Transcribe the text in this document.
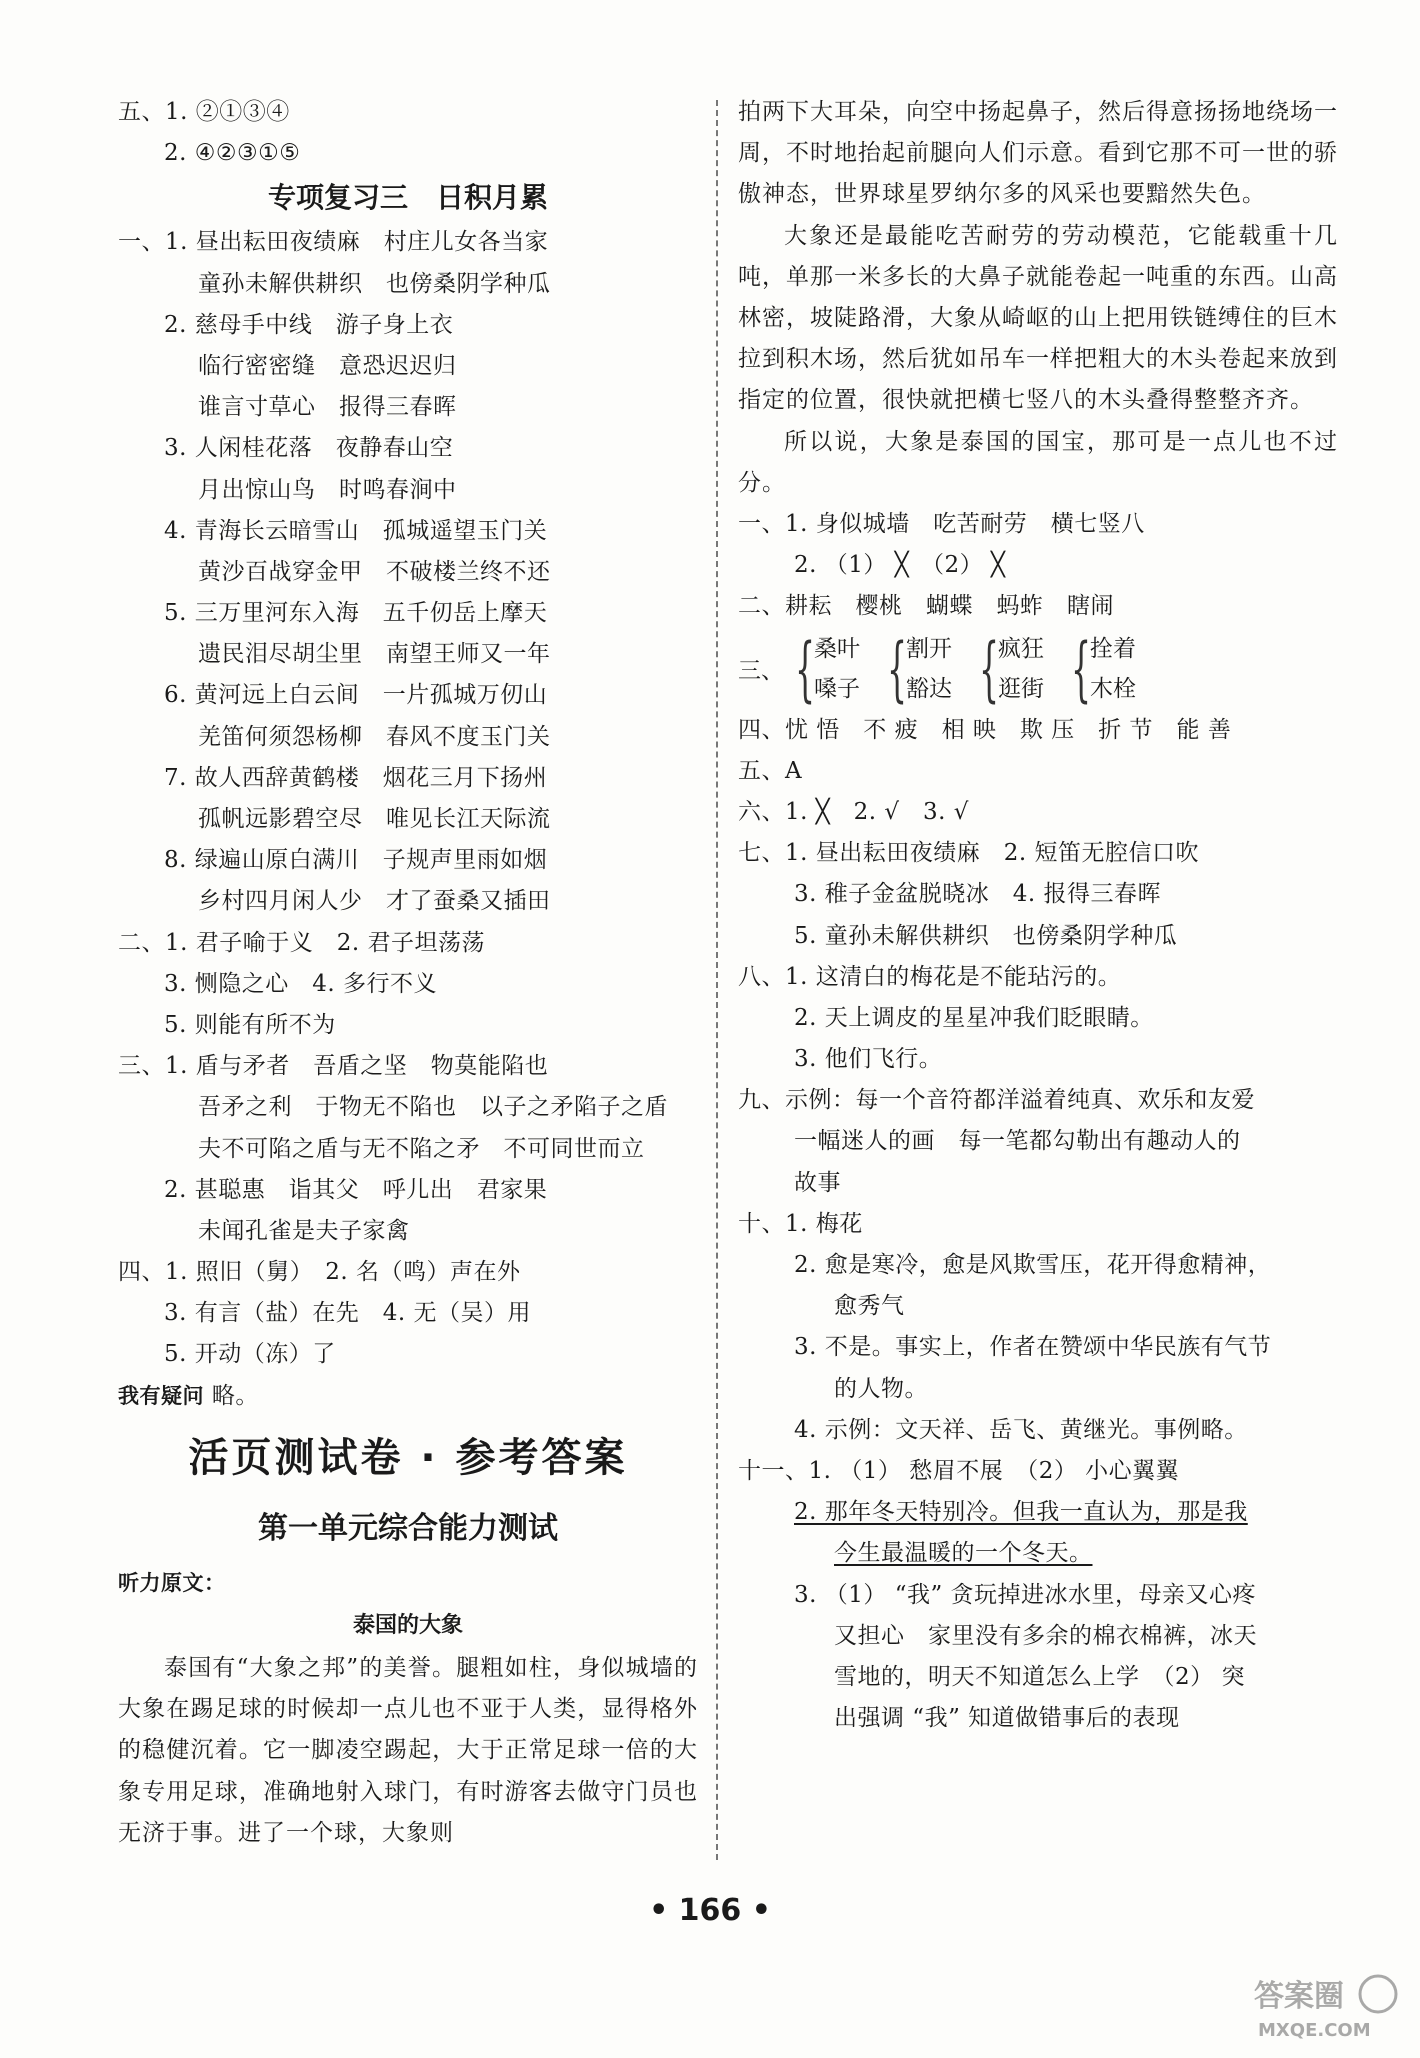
五、1. ②①③④
2. ④②③①⑤
专项复习三　日积月累
一、1. 昼出耘田夜绩麻　村庄儿女各当家
童孙未解供耕织　也傍桑阴学种瓜
2. 慈母手中线　游子身上衣
临行密密缝　意恐迟迟归
谁言寸草心　报得三春晖
3. 人闲桂花落　夜静春山空
月出惊山鸟　时鸣春涧中
4. 青海长云暗雪山　孤城遥望玉门关
黄沙百战穿金甲　不破楼兰终不还
5. 三万里河东入海　五千仞岳上摩天
遗民泪尽胡尘里　南望王师又一年
6. 黄河远上白云间　一片孤城万仞山
羌笛何须怨杨柳　春风不度玉门关
7. 故人西辞黄鹤楼　烟花三月下扬州
孤帆远影碧空尽　唯见长江天际流
8. 绿遍山原白满川　子规声里雨如烟
乡村四月闲人少　才了蚕桑又插田
二、1. 君子喻于义　2. 君子坦荡荡
3. 恻隐之心　4. 多行不义
5. 则能有所不为
三、1. 盾与矛者　吾盾之坚　物莫能陷也
吾矛之利　于物无不陷也　以子之矛陷子之盾
夫不可陷之盾与无不陷之矛　不可同世而立
2. 甚聪惠　诣其父　呼儿出　君家果
未闻孔雀是夫子家禽
四、1. 照旧（舅）　2. 名（鸣）声在外
3. 有言（盐）在先　4. 无（吴）用
5. 开动（冻）了
我有疑问 略。
活页测试卷 · 参考答案
第一单元综合能力测试
听力原文：
泰国的大象
泰国有“大象之邦”的美誉。腿粗如柱，身似城墙的大象在踢足球的时候却一点儿也不亚于人类，显得格外的稳健沉着。它一脚凌空踢起，大于正常足球一倍的大象专用足球，准确地射入球门，有时游客去做守门员也无济于事。进了一个球，大象则
拍两下大耳朵，向空中扬起鼻子，然后得意扬扬地绕场一周，不时地抬起前腿向人们示意。看到它那不可一世的骄傲神态，世界球星罗纳尔多的风采也要黯然失色。
大象还是最能吃苦耐劳的劳动模范，它能载重十几吨，单那一米多长的大鼻子就能卷起一吨重的东西。山高林密，坡陡路滑，大象从崎岖的山上把用铁链缚住的巨木拉到积木场，然后犹如吊车一样把粗大的木头卷起来放到指定的位置，很快就把横七竖八的木头叠得整整齐齐。
所以说，大象是泰国的国宝，那可是一点儿也不过分。
一、1. 身似城墙　吃苦耐劳　横七竖八
2. （1） ╳　（2） ╳
二、耕耘　樱桃　蝴蝶　蚂蚱　瞎闹
三、 { 桑叶
嗓子 { 割开
豁达 { 疯狂
逛街 { 拴着
木栓
四、忧 悟　不 疲　相 映　欺 压　折 节　能 善
五、A
六、1. ╳　2. √　3. √
七、1. 昼出耘田夜绩麻　2. 短笛无腔信口吹
3. 稚子金盆脱晓冰　4. 报得三春晖
5. 童孙未解供耕织　也傍桑阴学种瓜
八、1. 这清白的梅花是不能玷污的。
2. 天上调皮的星星冲我们眨眼睛。
3. 他们飞行。
九、示例：每一个音符都洋溢着纯真、欢乐和友爱
一幅迷人的画　每一笔都勾勒出有趣动人的
故事
十、1. 梅花
2. 愈是寒冷，愈是风欺雪压，花开得愈精神，
愈秀气
3. 不是。事实上，作者在赞颂中华民族有气节
的人物。
4. 示例：文天祥、岳飞、黄继光。事例略。
十一、1. （1） 愁眉不展　（2） 小心翼翼
2. 那年冬天特别冷。但我一直认为，那是我
今生最温暖的一个冬天。
3. （1） “我” 贪玩掉进冰水里，母亲又心疼
又担心　家里没有多余的棉衣棉裤，冰天
雪地的，明天不知道怎么上学　（2） 突
出强调 “我” 知道做错事后的表现
• 166 •
答案圈
MXQE.COM
